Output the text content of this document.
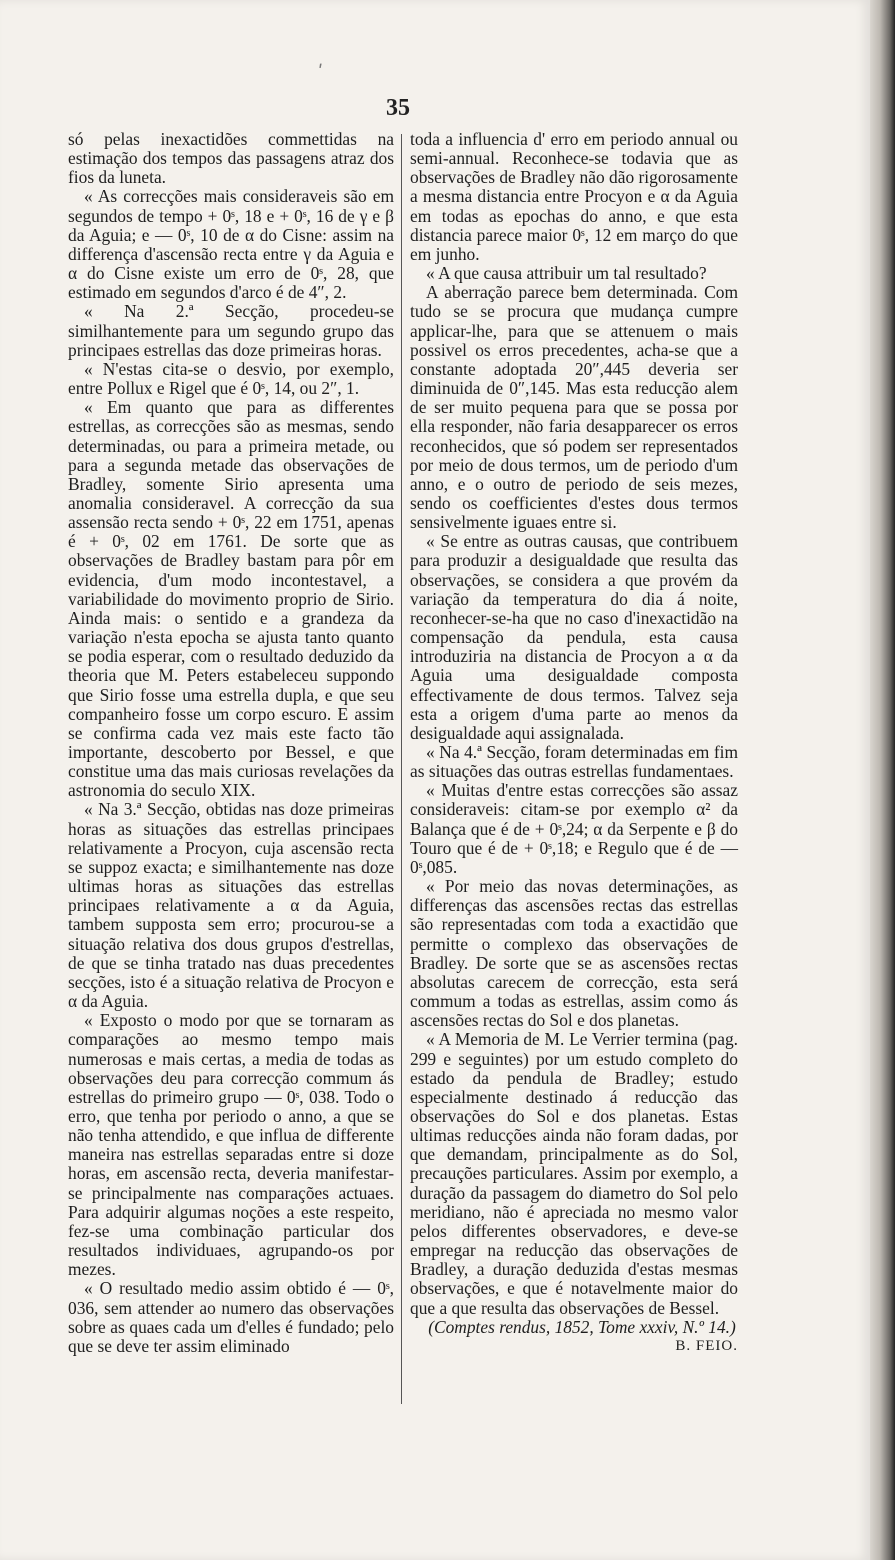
ʹ
35

só pelas inexactidões commettidas na estimação dos tempos das passagens atraz dos fios da luneta.

« As correcções mais consideraveis são em segundos de tempo + 0ˢ, 18 e + 0ˢ, 16 de γ e β da Aguia; e — 0ˢ, 10 de α do Cisne: assim na differença d'ascensão recta entre γ da Aguia e α do Cisne existe um erro de 0ˢ, 28, que estimado em segundos d'arco é de 4″, 2.

« Na 2.ª Secção, procedeu-se similhantemente para um segundo grupo das principaes estrellas das doze primeiras horas.

« N'estas cita-se o desvio, por exemplo, entre Pollux e Rigel que é 0ˢ, 14, ou 2″, 1.

« Em quanto que para as differentes estrellas, as correcções são as mesmas, sendo determinadas, ou para a primeira metade, ou para a segunda metade das observações de Bradley, somente Sirio apresenta uma anomalia consideravel. A correcção da sua assensão recta sendo + 0ˢ, 22 em 1751, apenas é + 0ˢ, 02 em 1761. De sorte que as observações de Bradley bastam para pôr em evidencia, d'um modo incontestavel, a variabilidade do movimento proprio de Sirio. Ainda mais: o sentido e a grandeza da variação n'esta epocha se ajusta tanto quanto se podia esperar, com o resultado deduzido da theoria que M. Peters estabeleceu suppondo que Sirio fosse uma estrella dupla, e que seu companheiro fosse um corpo escuro. E assim se confirma cada vez mais este facto tão importante, descoberto por Bessel, e que constitue uma das mais curiosas revelações da astronomia do seculo XIX.

« Na 3.ª Secção, obtidas nas doze primeiras horas as situações das estrellas principaes relativamente a Procyon, cuja ascensão recta se suppoz exacta; e similhantemente nas doze ultimas horas as situações das estrellas principaes relativamente a α da Aguia, tambem supposta sem erro; procurou-se a situação relativa dos dous grupos d'estrellas, de que se tinha tratado nas duas precedentes secções, isto é a situação relativa de Procyon e α da Aguia.

« Exposto o modo por que se tornaram as comparações ao mesmo tempo mais numerosas e mais certas, a media de todas as observações deu para correcção commum ás estrellas do primeiro grupo — 0ˢ, 038. Todo o erro, que tenha por periodo o anno, a que se não tenha attendido, e que influa de differente maneira nas estrellas separadas entre si doze horas, em ascensão recta, deveria manifestar-se principalmente nas comparações actuaes. Para adquirir algumas noções a este respeito, fez-se uma combinação particular dos resultados individuaes, agrupando-os por mezes.

« O resultado medio assim obtido é — 0ˢ, 036, sem attender ao numero das observações sobre as quaes cada um d'elles é fundado; pelo que se deve ter assim eliminado

toda a influencia d' erro em periodo annual ou semi-annual. Reconhece-se todavia que as observações de Bradley não dão rigorosamente a mesma distancia entre Procyon e α da Aguia em todas as epochas do anno, e que esta distancia parece maior 0ˢ, 12 em março do que em junho.

« A que causa attribuir um tal resultado?

A aberração parece bem determinada. Com tudo se se procura que mudança cumpre applicar-lhe, para que se attenuem o mais possivel os erros precedentes, acha-se que a constante adoptada 20″,445 deveria ser diminuida de 0″,145. Mas esta reducção alem de ser muito pequena para que se possa por ella responder, não faria desapparecer os erros reconhecidos, que só podem ser representados por meio de dous termos, um de periodo d'um anno, e o outro de periodo de seis mezes, sendo os coefficientes d'estes dous termos sensivelmente iguaes entre si.

« Se entre as outras causas, que contribuem para produzir a desigualdade que resulta das observações, se considera a que provém da variação da temperatura do dia á noite, reconhecer-se-ha que no caso d'inexactidão na compensação da pendula, esta causa introduziria na distancia de Procyon a α da Aguia uma desigualdade composta effectivamente de dous termos. Talvez seja esta a origem d'uma parte ao menos da desigualdade aqui assignalada.

« Na 4.ª Secção, foram determinadas em fim as situações das outras estrellas fundamentaes.

« Muitas d'entre estas correcções são assaz consideraveis: citam-se por exemplo α² da Balança que é de + 0ˢ,24; α da Serpente e β do Touro que é de + 0ˢ,18; e Regulo que é de — 0ˢ,085.

« Por meio das novas determinações, as differenças das ascensões rectas das estrellas são representadas com toda a exactidão que permitte o complexo das observações de Bradley. De sorte que se as ascensões rectas absolutas carecem de correcção, esta será commum a todas as estrellas, assim como ás ascensões rectas do Sol e dos planetas.

« A Memoria de M. Le Verrier termina (pag. 299 e seguintes) por um estudo completo do estado da pendula de Bradley; estudo especialmente destinado á reducção das observações do Sol e dos planetas. Estas ultimas reducções ainda não foram dadas, por que demandam, principalmente as do Sol, precauções particulares. Assim por exemplo, a duração da passagem do diametro do Sol pelo meridiano, não é apreciada no mesmo valor pelos differentes observadores, e deve-se empregar na reducção das observações de Bradley, a duração deduzida d'estas mesmas observações, e que é notavelmente maior do que a que resulta das observações de Bessel.

(Comptes rendus, 1852, Tome xxxiv, N.º 14.)

B. FEIO.
